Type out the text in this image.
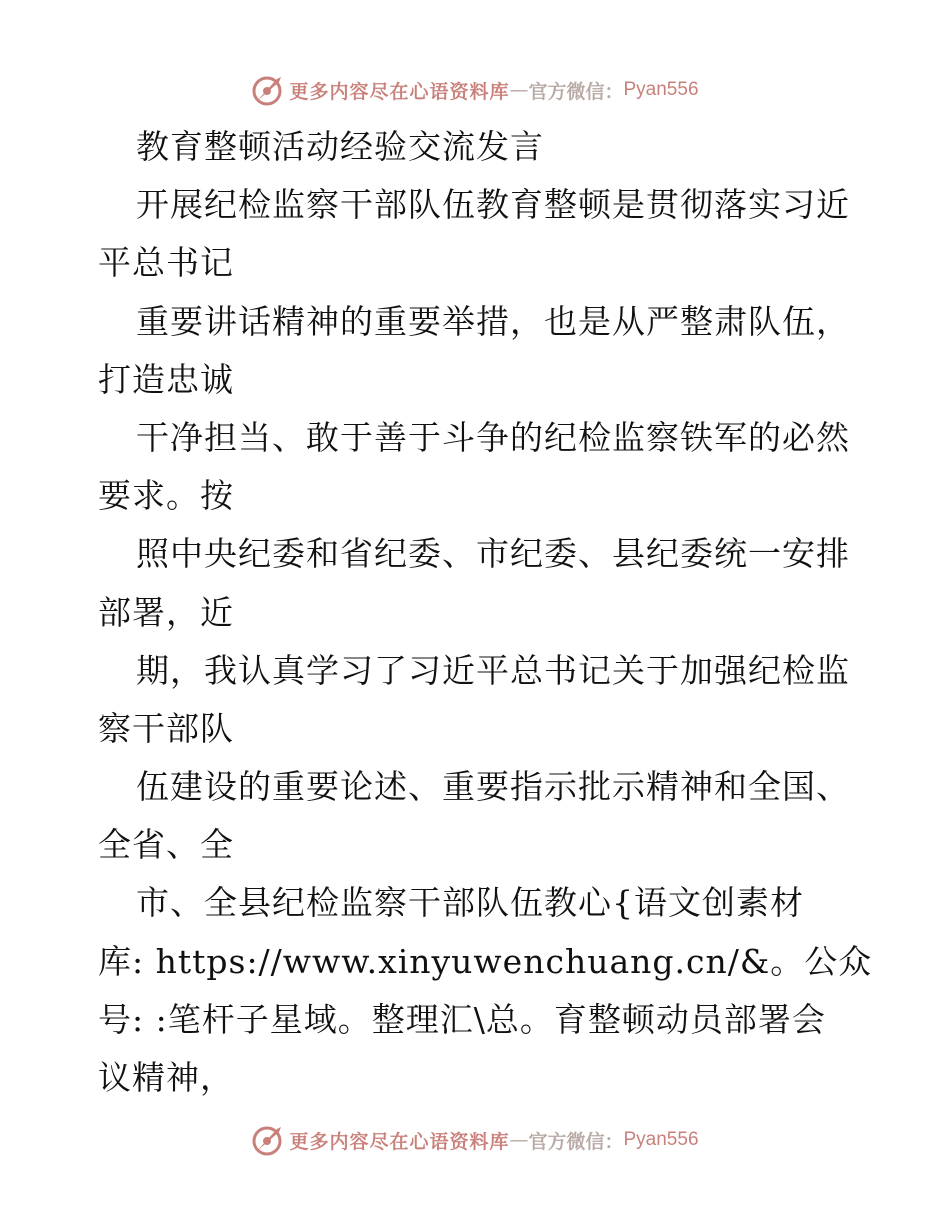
更多内容尽在心语资料库 — 官方微信： Pyan556
教育整顿活动经验交流发言
开展纪检监察干部队伍教育整顿是贯彻落实习近
平总书记
重要讲话精神的重要举措，也是从严整肃队伍，
打造忠诚
干净担当、敢于善于斗争的纪检监察铁军的必然
要求。按
照中央纪委和省纪委、市纪委、县纪委统一安排
部署，近
期，我认真学习了习近平总书记关于加强纪检监
察干部队
伍建设的重要论述、重要指示批示精神和全国、
全省、全
市、全县纪检监察干部队伍教心{语文创素材
库: https://www.xinyuwenchuang.cn/&。公众
号: :笔杆子星域。整理汇\总。育整顿动员部署会
议精神，
更多内容尽在心语资料库 — 官方微信： Pyan556
